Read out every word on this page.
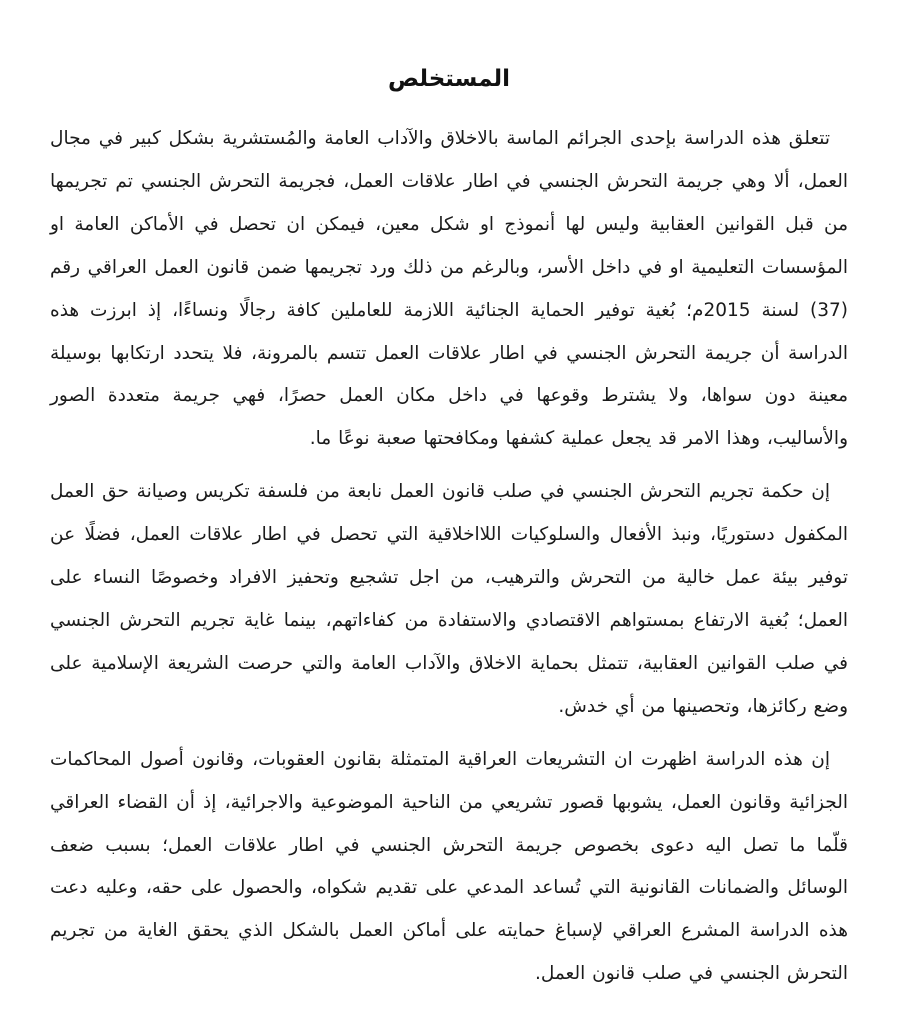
المستخلص

تتعلق هذه الدراسة بإحدى الجرائم الماسة بالاخلاق والآداب العامة والمُستشرية بشكل كبير في مجال العمل، ألا وهي جريمة التحرش الجنسي في اطار علاقات العمل، فجريمة التحرش الجنسي تم تجريمها من قبل القوانين العقابية وليس لها أنموذج او شكل معين، فيمكن ان تحصل في الأماكن العامة او المؤسسات التعليمية او في داخل الأسر، وبالرغم من ذلك ورد تجريمها ضمن قانون العمل العراقي رقم (37) لسنة 2015م؛ بُغية توفير الحماية الجنائية اللازمة للعاملين كافة رجالًا ونساءًا، إذ ابرزت هذه الدراسة أن جريمة التحرش الجنسي في اطار علاقات العمل تتسم بالمرونة، فلا يتحدد ارتكابها بوسيلة معينة دون سواها، ولا يشترط وقوعها في داخل مكان العمل حصرًا، فهي جريمة متعددة الصور والأساليب، وهذا الامر قد يجعل عملية كشفها ومكافحتها صعبة نوعًا ما.

إن حكمة تجريم التحرش الجنسي في صلب قانون العمل نابعة من فلسفة تكريس وصيانة حق العمل المكفول دستوريًا، ونبذ الأفعال والسلوكيات اللااخلاقية التي تحصل في اطار علاقات العمل، فضلًا عن توفير بيئة عمل خالية من التحرش والترهيب، من اجل تشجيع وتحفيز الافراد وخصوصًا النساء على العمل؛ بُغية الارتفاع بمستواهم الاقتصادي والاستفادة من كفاءاتهم، بينما غاية تجريم التحرش الجنسي في صلب القوانين العقابية، تتمثل بحماية الاخلاق والآداب العامة والتي حرصت الشريعة الإسلامية على وضع ركائزها، وتحصينها من أي خدش.

إن هذه الدراسة اظهرت ان التشريعات العراقية المتمثلة بقانون العقوبات، وقانون أصول المحاكمات الجزائية وقانون العمل، يشوبها قصور تشريعي من الناحية الموضوعية والاجرائية، إذ أن القضاء العراقي قلّما ما تصل اليه دعوى بخصوص جريمة التحرش الجنسي في اطار علاقات العمل؛ بسبب ضعف الوسائل والضمانات القانونية التي تُساعد المدعي على تقديم شكواه، والحصول على حقه، وعليه دعت هذه الدراسة المشرع العراقي لإسباغ حمايته على أماكن العمل بالشكل الذي يحقق الغاية من تجريم التحرش الجنسي في صلب قانون العمل.
